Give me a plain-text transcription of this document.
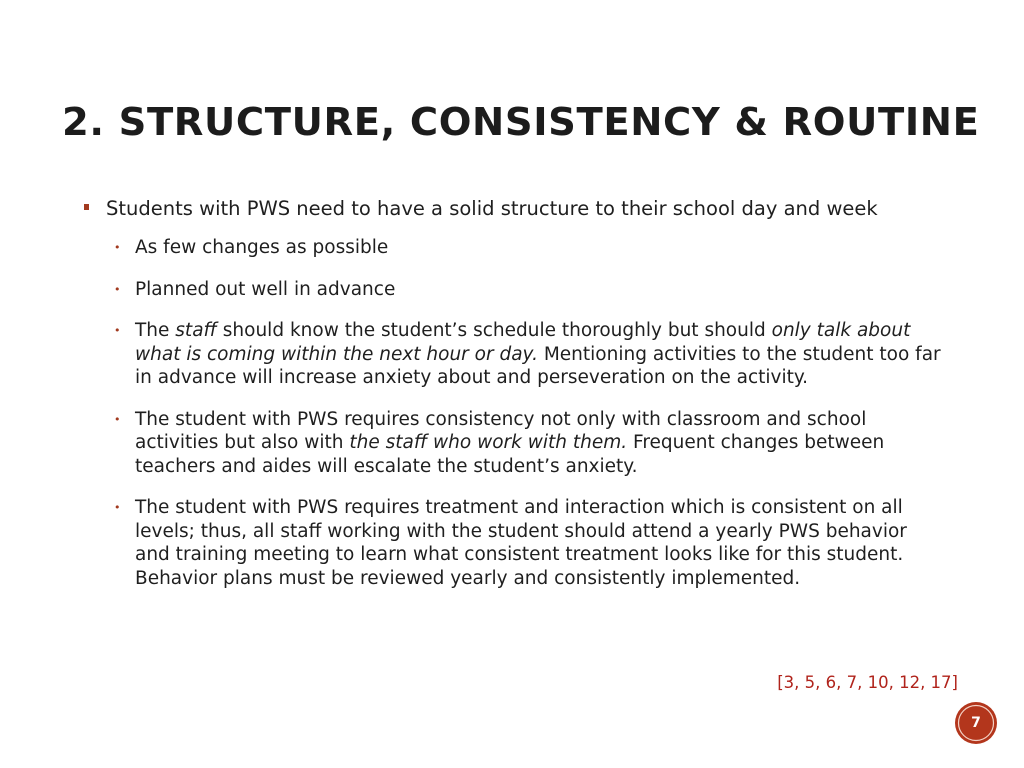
2. STRUCTURE, CONSISTENCY & ROUTINE
Students with PWS need to have a solid structure to their school day and week
• As few changes as possible
• Planned out well in advance
• The staff should know the student’s schedule thoroughly but should only talk about what is coming within the next hour or day. Mentioning activities to the student too far in advance will increase anxiety about and perseveration on the activity.
• The student with PWS requires consistency not only with classroom and school activities but also with the staff who work with them. Frequent changes between teachers and aides will escalate the student’s anxiety.
• The student with PWS requires treatment and interaction which is consistent on all levels; thus, all staff working with the student should attend a yearly PWS behavior and training meeting to learn what consistent treatment looks like for this student. Behavior plans must be reviewed yearly and consistently implemented.
[3, 5, 6, 7, 10, 12, 17]
7
